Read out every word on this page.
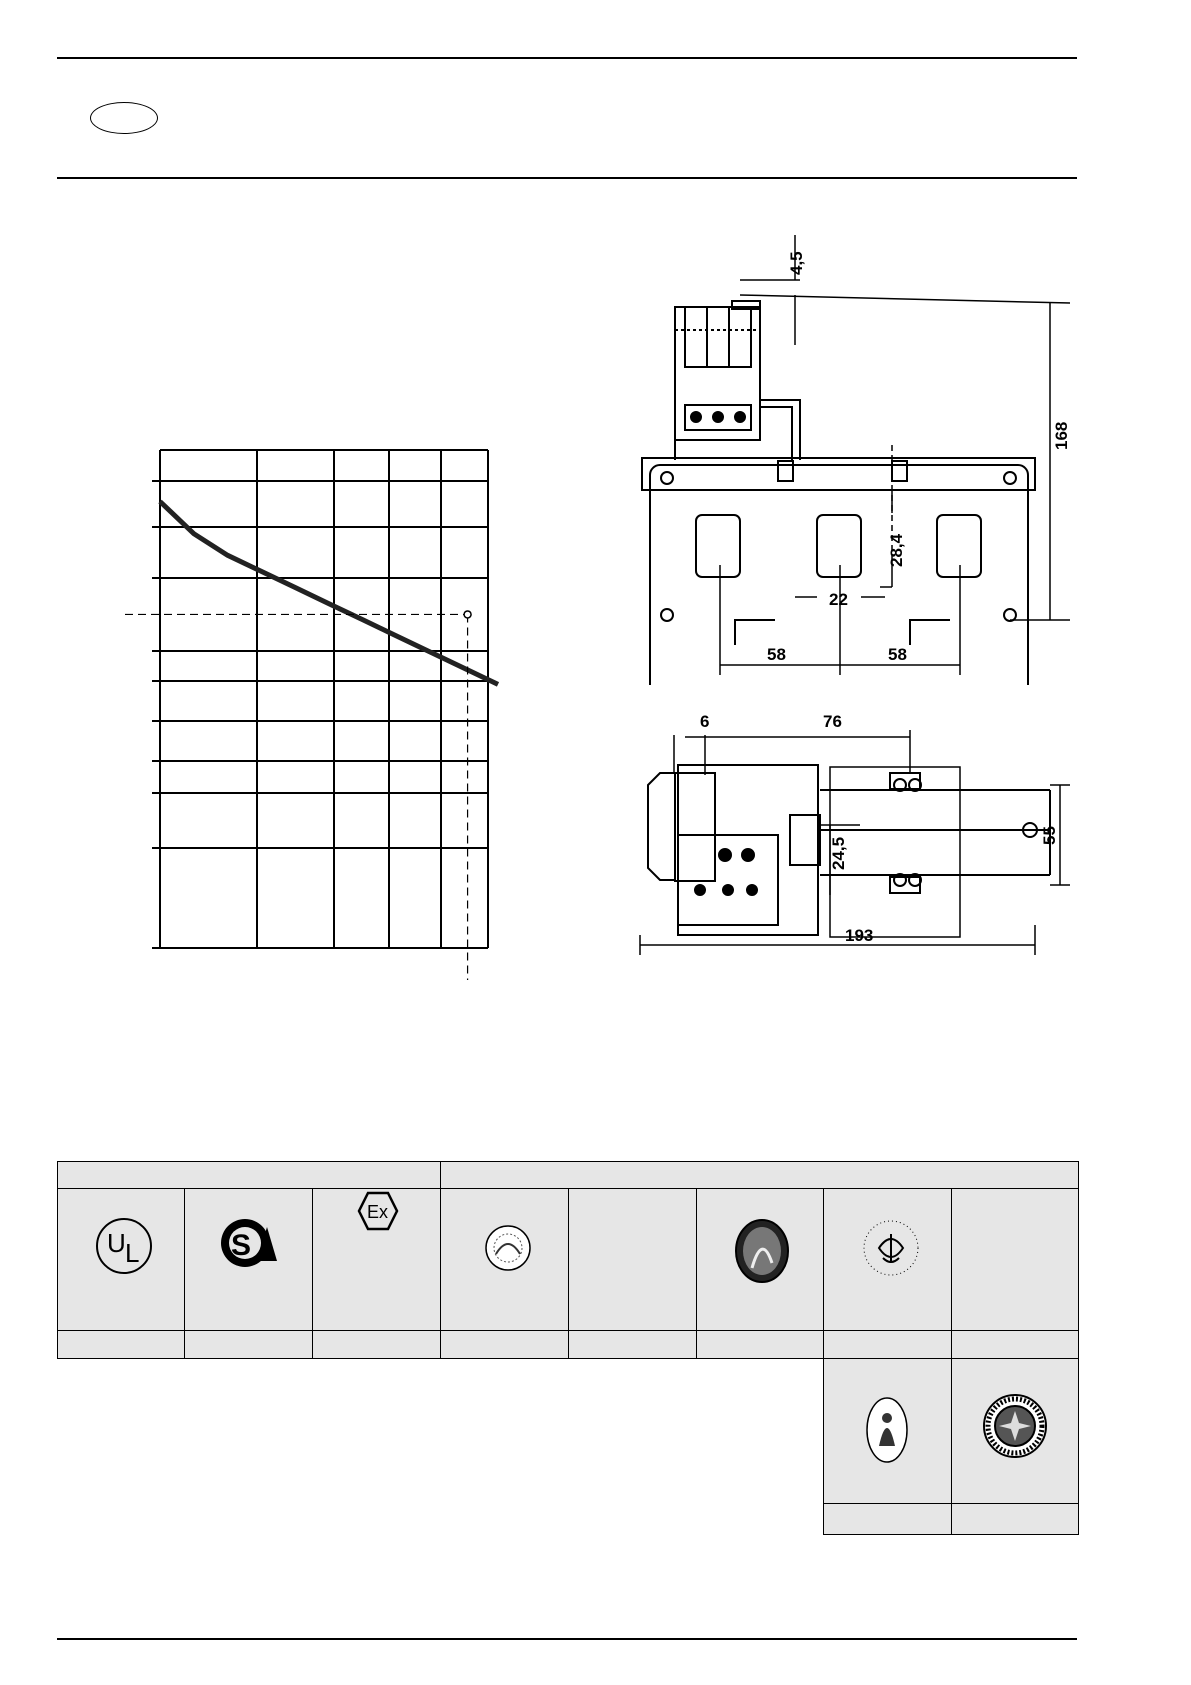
4,5
168
28,4
22
58	58
6	76
55
24,5
193
U L	S
Ex
